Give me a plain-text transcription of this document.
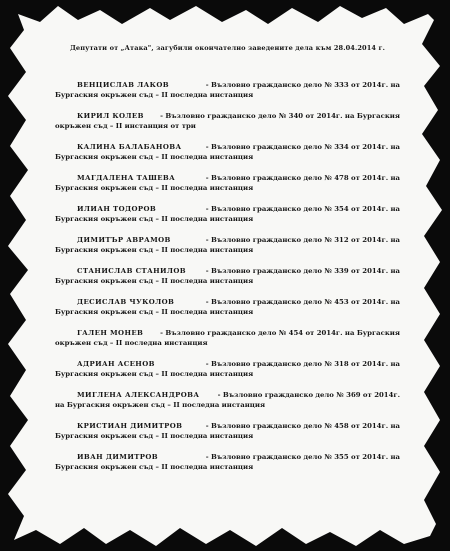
Депутати от „Атака", загубили окончателно заведените дела към 28.04.2014 г.
ВЕНЦИСЛАВ ЛАКОВ	- Възловно гражданско дело № 333 от 2014г. на
Бургаския окръжен съд – II последна инстанция
КИРИЛ КОЛЕВ - Възловно гражданско дело № 340 от 2014г. на Бургаския
окръжен съд – II инстанция от три
КАЛИНА БАЛАБАНОВА	- Възловно гражданско дело № 334 от 2014г. на
Бургаския окръжен съд – II последна инстанция
МАГДАЛЕНА ТАШЕВА	- Възловно гражданско дело № 478 от 2014г. на
Бургаския окръжен съд – II последна инстанция
ИЛИАН ТОДОРОВ	- Възловно гражданско дело № 354 от 2014г. на
Бургаския окръжен съд – II последна инстанция
ДИМИТЪР АВРАМОВ	- Възловно гражданско дело № 312 от 2014г. на
Бургаския окръжен съд – II последна инстанция
СТАНИСЛАВ СТАНИЛОВ	- Възловно гражданско дело № 339 от 2014г. на
Бургаския окръжен съд – II последна инстанция
ДЕСИСЛАВ ЧУКОЛОВ	- Възловно гражданско дело № 453 от 2014г. на
Бургаския окръжен съд – II последна инстанция
ГАЛЕН МОНЕВ - Възловно гражданско дело № 454 от 2014г. на Бургаския
окръжен съд – II последна инстанция
АДРИАН АСЕНОВ	- Възловно гражданско дело № 318 от 2014г. на
Бургаския окръжен съд – II последна инстанция
МИГЛЕНА АЛЕКСАНДРОВА	- Възловно гражданско дело № 369 от 2014г.
на Бургаския окръжен съд – II последна инстанция
КРИСТИАН ДИМИТРОВ	- Възловно гражданско дело № 458 от 2014г. на
Бургаския окръжен съд – II последна инстанция
ИВАН ДИМИТРОВ	- Възловно гражданско дело № 355 от 2014г. на
Бургаския окръжен съд – II последна инстанция
